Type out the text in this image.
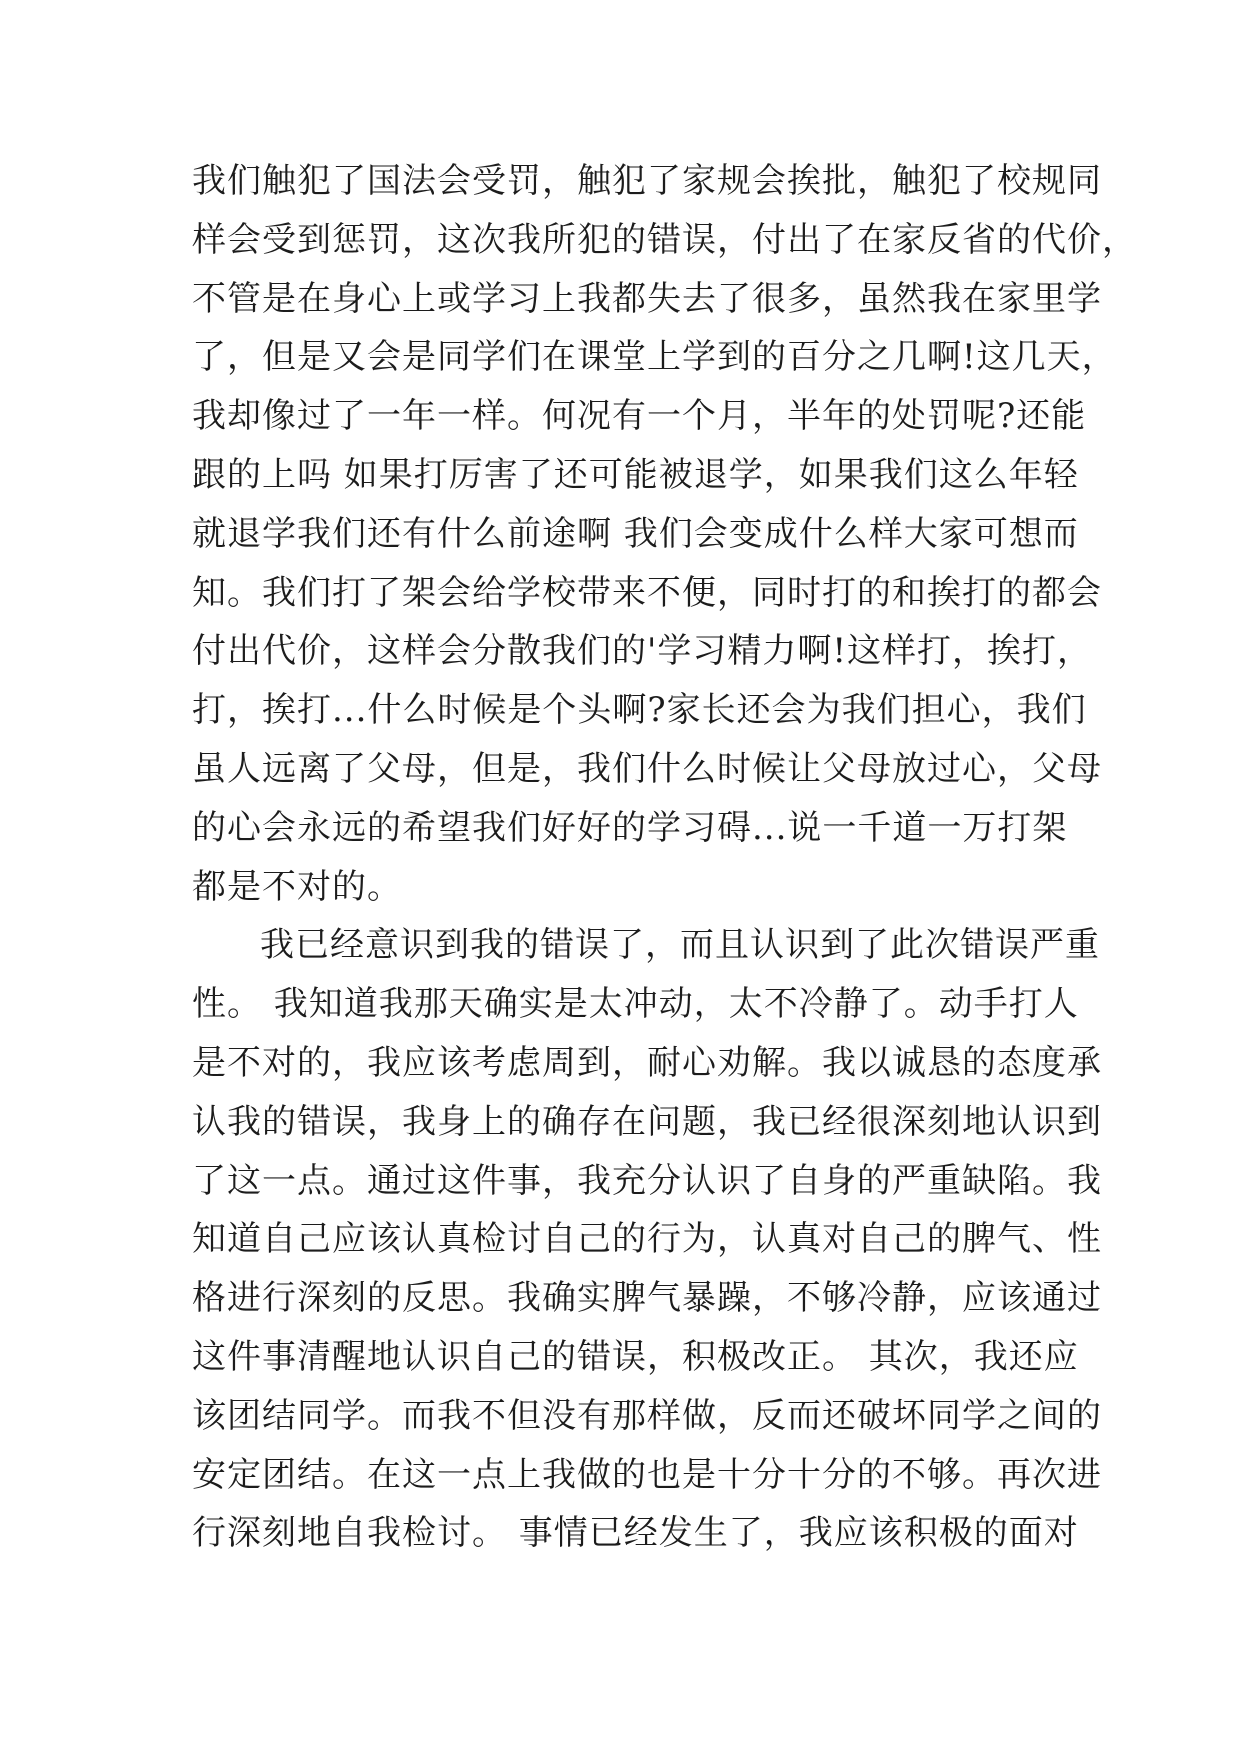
我们触犯了国法会受罚，触犯了家规会挨批，触犯了校规同
样会受到惩罚，这次我所犯的错误，付出了在家反省的代价，
不管是在身心上或学习上我都失去了很多，虽然我在家里学
了，但是又会是同学们在课堂上学到的百分之几啊!这几天，
我却像过了一年一样。何况有一个月，半年的处罚呢?还能
跟的上吗 如果打厉害了还可能被退学，如果我们这么年轻
就退学我们还有什么前途啊 我们会变成什么样大家可想而
知。我们打了架会给学校带来不便，同时打的和挨打的都会
付出代价，这样会分散我们的'学习精力啊!这样打，挨打，
打，挨打...什么时候是个头啊?家长还会为我们担心，我们
虽人远离了父母，但是，我们什么时候让父母放过心，父母
的心会永远的希望我们好好的学习碍...说一千道一万打架
都是不对的。
我已经意识到我的错误了，而且认识到了此次错误严重
性。 我知道我那天确实是太冲动，太不冷静了。动手打人
是不对的，我应该考虑周到，耐心劝解。我以诚恳的态度承
认我的错误，我身上的确存在问题，我已经很深刻地认识到
了这一点。通过这件事，我充分认识了自身的严重缺陷。我
知道自己应该认真检讨自己的行为，认真对自己的脾气、性
格进行深刻的反思。我确实脾气暴躁，不够冷静，应该通过
这件事清醒地认识自己的错误，积极改正。 其次，我还应
该团结同学。而我不但没有那样做，反而还破坏同学之间的
安定团结。在这一点上我做的也是十分十分的不够。再次进
行深刻地自我检讨。 事情已经发生了，我应该积极的面对
